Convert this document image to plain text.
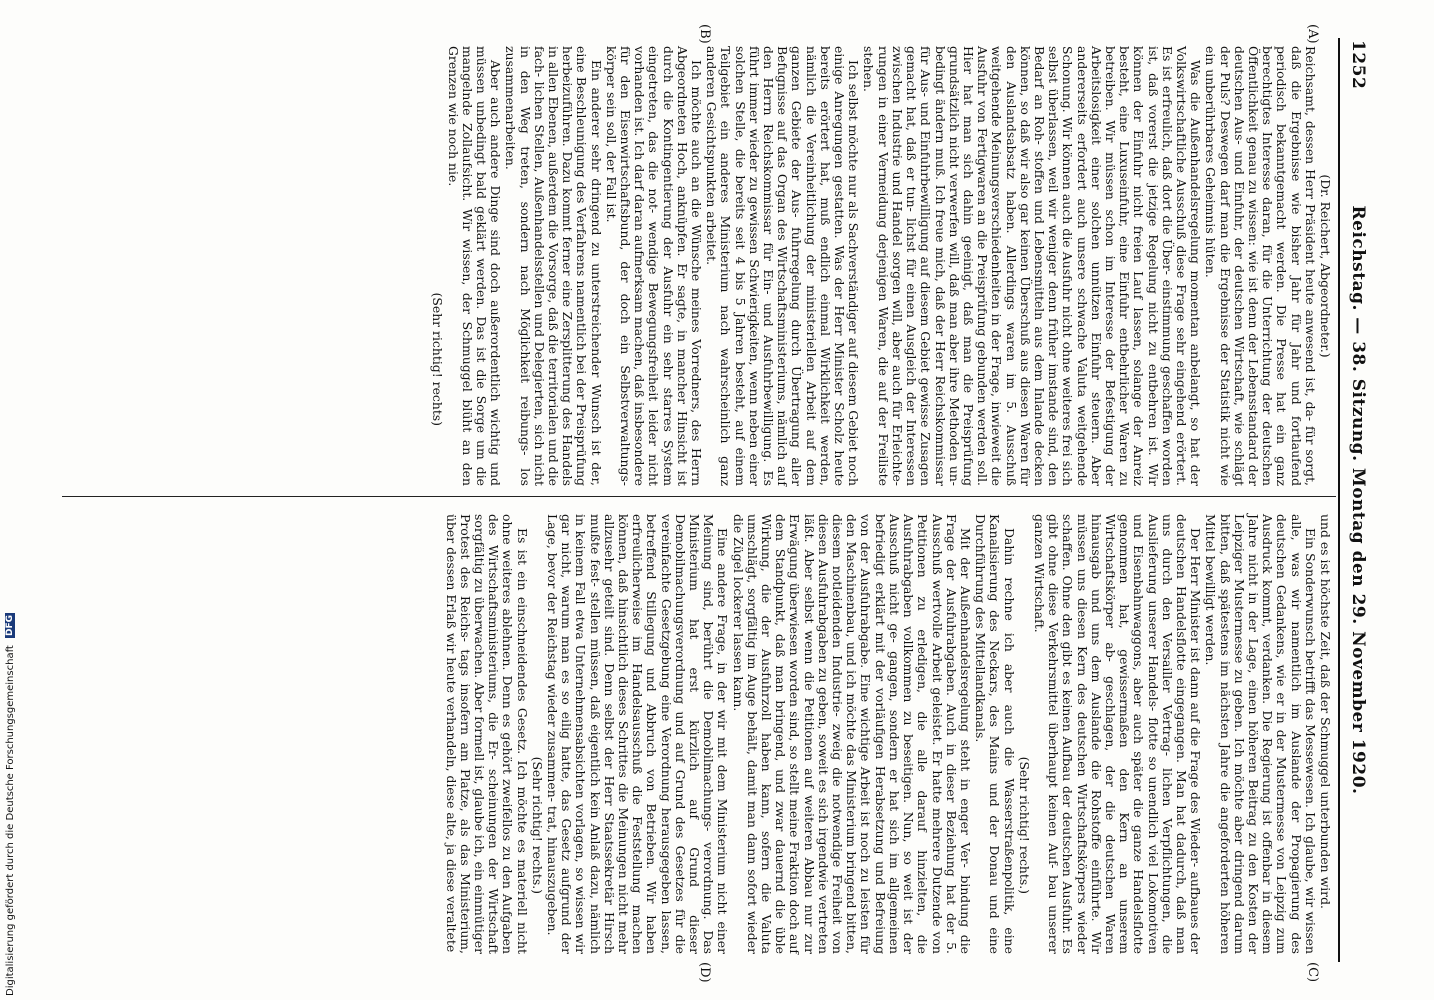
1252
Reichstag. — 38. Sitzung. Montag den 29. November 1920.
(A)
(B)
(C)
(D)

(Dr. Reichert, Abgeordneter.)

Reichsamt, dessen Herr Präsident heute anwesend ist, da- für sorgt, daß die Ergebnisse wie bisher Jahr für Jahr und fortlaufend periodisch bekanntgemacht werden. Die Presse hat ein ganz berechtigtes Interesse daran, für die Unterrichtung der deutschen Öffentlichkeit genau zu wissen: wie ist denn der Lebensstandard der deutschen Aus- und Einfuhr, der deutschen Wirtschaft, wie schlägt der Puls? Deswegen darf man die Ergebnisse der Statistik nicht wie ein unberührbares Geheimnis hüten.

Was die Außenhandelsregelung momentan anbelangt, so hat der Volkswirtschaftliche Ausschuß diese Frage sehr eingehend erörtert. Es ist erfreulich, daß dort die Über- einstimmung geschaffen worden ist, daß vorerst die jetzige Regelung nicht zu entbehren ist. Wir können der Einfuhr nicht freien Lauf lassen, solange der Anreiz besteht, eine Luxuseinfuhr, eine Einfuhr entbehrlicher Waren zu betreiben. Wir müssen schon im Interesse der Befestigung der Arbeitslosigkeit einer solchen unnützen Einfuhr steuern. Aber andererseits erfordert auch unsere schwache Valuta weitgehende Schonung. Wir können auch die Ausfuhr nicht ohne weiteres frei sich selbst überlassen, weil wir weniger denn früher imstande sind, den Bedarf an Roh- stoffen und Lebensmitteln aus dem Inlande decken können, so daß wir also gar keinen Überschuß aus diesen Waren für den Auslandsabsatz haben. Allerdings waren im 5. Ausschuß weitgehende Meinungsverschiedenheiten in der Frage, inwieweit die Ausfuhr von Fertigwaren an die Preisprüfung gebunden werden soll. Hier hat man sich dahin geeinigt, daß man die Preisprüfung grundsätzlich nicht verwerfen will, daß man aber ihre Methoden un- bedingt ändern muß. Ich freue mich, daß der Herr Reichskommissar für Aus- und Einfuhrbewilligung auf diesem Gebiet gewisse Zusagen gemacht hat, daß er tun- lichst für einen Ausgleich der Interessen zwischen Industrie und Handel sorgen will, aber auch für Erleichte- rungen in einer Vermeidung derjenigen Waren, die auf der Freiliste stehen.

Ich selbst möchte nur als Sachverständiger auf diesem Gebiet noch einige Anregungen gestatten. Was der Herr Minister Scholz heute bereits erörtert hat, muß endlich einmal Wirklichkeit werden, nämlich die Vereinheitlichung der ministeriellen Arbeit auf dem ganzen Gebiete der Aus- fuhrregelung durch Übertragung aller Befugnisse auf das Organ des Wirtschaftsministeriums, nämlich auf den Herrn Reichskommissar für Ein- und Ausfuhrbewilligung. Es führt immer wieder zu gewissen Schwierigkeiten, wenn neben einer solchen Stelle, die bereits seit 4 bis 5 Jahren besteht, auf einem Teilgebiet ein anderes Ministerium nach wahrscheinlich ganz anderen Gesichtspunkten arbeitet.

Ich möchte auch an die Wünsche meines Vorredners, des Herrn Abgeordneten Hoch, anknüpfen. Er sagte, in mancher Hinsicht ist durch die Kontingentierung der Ausfuhr ein sehr starres System eingetreten, das die not- wendige Bewegungsfreiheit leider nicht vorhanden ist. Ich darf daran aufmerksam machen, daß insbesondere für den Eisenwirtschaftsbund, der doch ein Selbstverwaltungs- körper sein soll, der Fall ist.

Ein anderer sehr dringend zu unterstreichender Wunsch ist der, eine Beschleunigung des Verfahrens namentlich bei der Preisprüfung herbeizuführen. Dazu kommt ferner eine Zersplitterung des Handels in allen Ebenen, außerdem die Vorsorge, daß die territorialen und die fach- lichen Stellen, Außenhandelsstellen und Delegierten, sich nicht in den Weg treten, sondern nach Möglichkeit reibungs- los zusammenarbeiten.

Aber auch andere Dinge sind doch außerordentlich wichtig und müssen unbedingt bald geklärt werden. Das ist die Sorge um die mangelnde Zollaufsicht. Wir wissen, der Schmuggel blüht an den Grenzen wie noch nie.

(Sehr richtig! rechts)

und es ist höchste Zeit, daß der Schmuggel unterbunden wird.

Ein Sonderwunsch betrifft das Messewesen. Ich glaube, wir wissen alle, was wir namentlich im Auslande der Propagierung des deutschen Gedankens, wie er in der Mustermesse von Leipzig zum Ausdruck kommt, verdanken. Die Regierung ist offenbar in diesem Jahre nicht in der Lage, einen höheren Beitrag zu den Kosten der Leipziger Mustermesse zu geben. Ich möchte aber dringend darum bitten, daß spätestens im nächsten Jahre die angeforderten höheren Mittel bewilligt werden.

Der Herr Minister ist dann auf die Frage des Wieder- aufbaues der deutschen Handelsflotte eingegangen. Man hat dadurch, daß man uns durch den Versailler Vertrag- lichen Verpflichtungen, die Auslieferung unserer Handels- flotte so unendlich viel Lokomotiven und Eisenbahnwaggons, aber auch später die ganze Handelsflotte genommen hat, gewissermaßen den Kern an unserem Wirtschaftskörper ab- geschlagen, der die deutschen Waren hinausgab und uns dem Auslande die Rohstoffe einführte. Wir müssen uns diesen Kern des deutschen Wirtschaftskörpers wieder schaffen. Ohne den gibt es keinen Aufbau der deutschen Ausfuhr. Es gibt ohne diese Verkehrsmittel überhaupt keinen Auf- bau unserer ganzen Wirtschaft.

(Sehr richtig! rechts.)

Dahin rechne ich aber auch die Wasserstraßenpolitik, eine Kanalisierung des Neckars, des Mains und der Donau und eine Durchführung des Mittellandkanals.

Mit der Außenhandelsregelung steht in enger Ver- bindung die Frage der Ausfuhrabgaben. Auch in dieser Beziehung hat der 5. Ausschuß wertvolle Arbeit geleistet. Er hatte mehrere Dutzende von Petitionen zu erledigen, die alle darauf hinzielten, die Ausfuhrabgaben vollkommen zu beseitigen. Nun, so weit ist der Ausschuß nicht ge- gangen, sondern er hat sich im allgemeinen befriedigt erklärt mit der vorläufigen Herabsetzung und Befreiung von der Ausfuhrabgabe. Eine wichtige Arbeit ist noch zu leisten für den Maschinenbau, und ich möchte das Ministerium bringend bitten, diesem notleidenden Industrie- zweig die notwendige Freiheit von diesen Ausfuhrabgaben zu geben, soweit es sich irgendwie vertreten läßt. Aber selbst wenn die Petitionen auf weiteren Abbau nur zur Erwägung überwiesen worden sind, so stellt meine Fraktion doch auf dem Standpunkt, daß man bringend, und zwar dauernd die üble Wirkung, die der Ausfuhrzoll haben kann, sofern die Valuta umschlägt, sorgfältig im Auge behält, damit man dann sofort wieder die Zügel lockerer lassen kann.

Eine andere Frage, in der wir mit dem Ministerium nicht einer Meinung sind, berührt die Demobilmachungs- verordnung. Das Ministerium hat erst kürzlich auf Grund dieser Demobilmachungsverordnung und auf Grund des Gesetzes für die vereinfachte Gesetzgebung eine Verordnung herausgegeben lassen, betreffend Stillegung und Abbruch von Betrieben. Wir haben erfreulicherweise im Handelsausschuß die Feststellung machen können, daß hinsichtlich dieses Schrittes die Meinungen nicht mehr allzusehr geteilt sind. Denn selbst der Herr Staatssekretär Hirsch mußte fest- stellen müssen, daß eigentlich kein Anlaß dazu, nämlich in keinem Fall etwa Unternehmensabsichten vorlagen, so wissen wir gar nicht, warum man es so eilig hatte, das Gesetz aufgrund der Lage, bevor der Reichstag wieder zusammen- trat, hinauszugeben.

(Sehr richtig! rechts.)

Es ist ein einschneidendes Gesetz. Ich möchte es materiell nicht ohne weiteres ablehnen. Denn es gehört zweifellos zu den Aufgaben des Wirtschaftsministeriums, die Er- scheinungen der Wirtschaft sorgfältig zu überwachen. Aber formell ist, glaube ich, ein einmütiger Protest des Reichs- tags insofern am Platze, als das Ministerium, über dessen Erlaß wir heute verhandeln, diese alte, ja diese veraltete

Digitalisierung gefördert durch die Deutsche Forschungsgemeinschaft DFG
